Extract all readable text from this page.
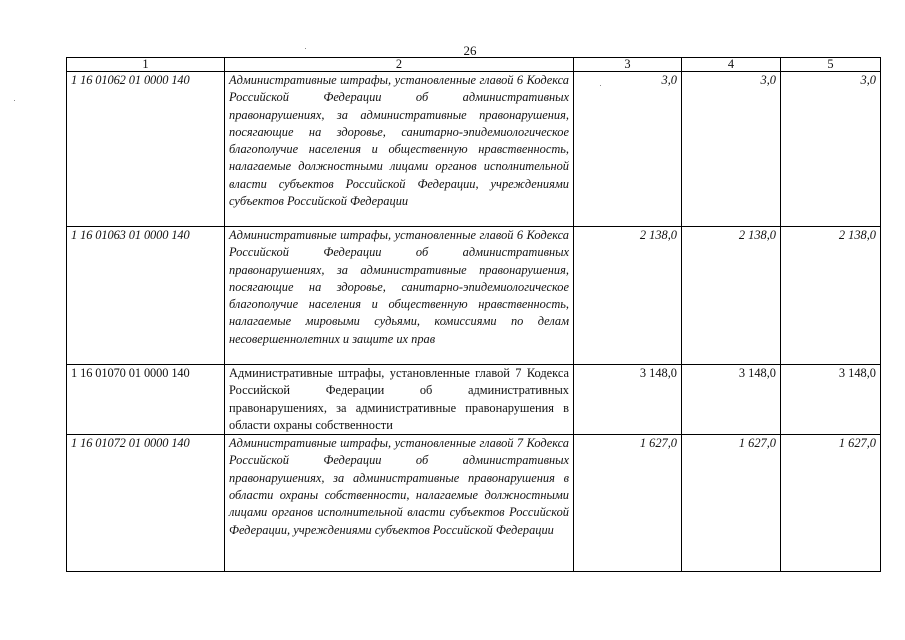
26
1	2	3	4	5
1 16 01062 01 0000 140	Административные штрафы, установленные главой 6 Кодекса Российской Федерации об административных правонарушениях, за административные правонарушения, посягающие на здоровье, санитарно-эпидемиологическое благополучие населения и общественную нравственность, налагаемые должностными лицами органов исполнительной власти субъектов Российской Федерации, учреждениями субъектов Российской Федерации	3,0	3,0	3,0
1 16 01063 01 0000 140	Административные штрафы, установленные главой 6 Кодекса Российской Федерации об административных правонарушениях, за административные правонарушения, посягающие на здоровье, санитарно-эпидемиологическое благополучие населения и общественную нравственность, налагаемые мировыми судьями, комиссиями по делам несовершеннолетних и защите их прав	2 138,0	2 138,0	2 138,0
1 16 01070 01 0000 140	Административные штрафы, установленные главой 7 Кодекса Российской Федерации об административных правонарушениях, за административные правонарушения в области охраны собственности	3 148,0	3 148,0	3 148,0
1 16 01072 01 0000 140	Административные штрафы, установленные главой 7 Кодекса Российской Федерации об административных правонарушениях, за административные правонарушения в области охраны собственности, налагаемые должностными лицами органов исполнительной власти субъектов Российской Федерации, учреждениями субъектов Российской Федерации	1 627,0	1 627,0	1 627,0
